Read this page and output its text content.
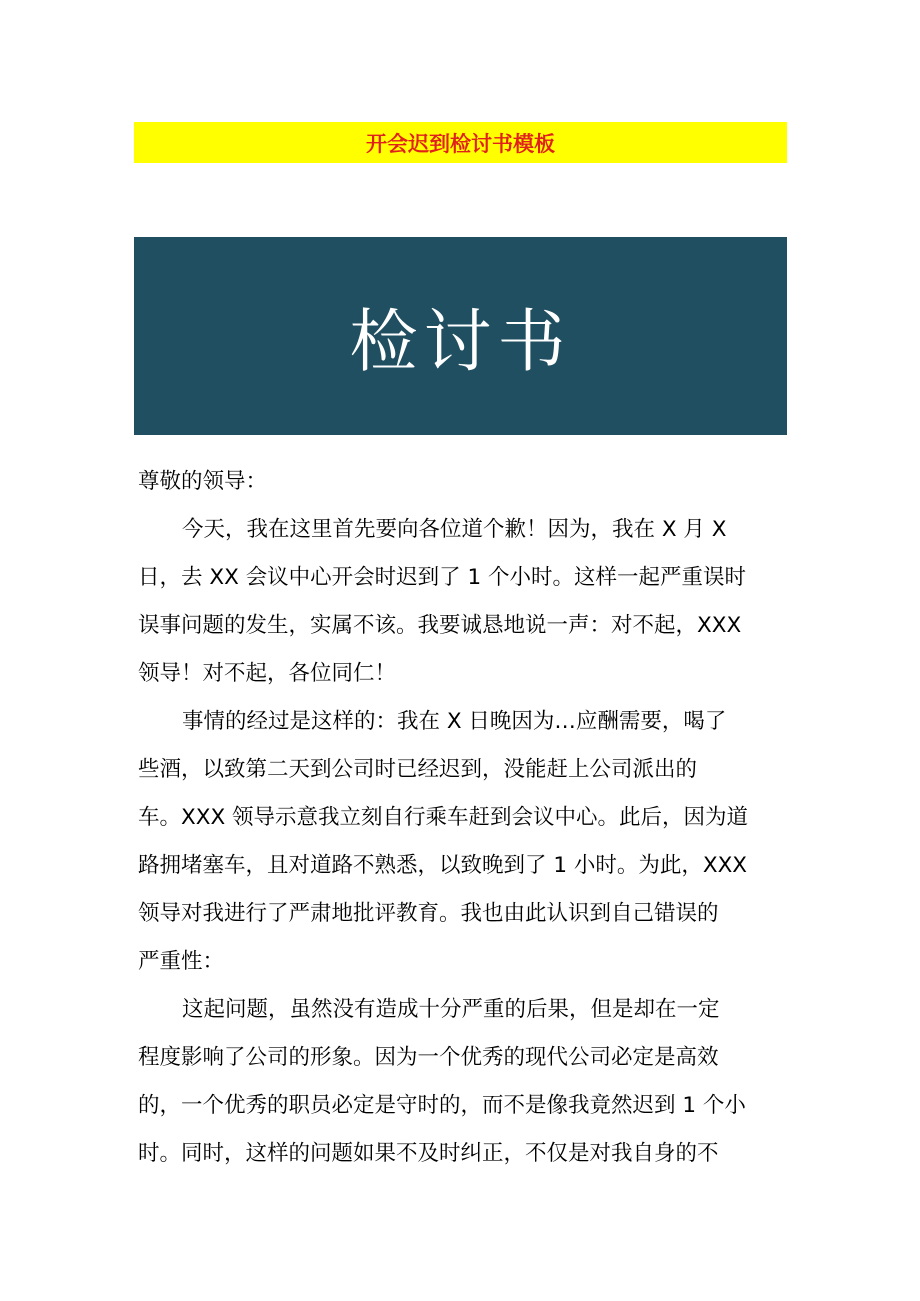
开会迟到检讨书模板
检讨书

尊敬的领导：

今天，我在这里首先要向各位道个歉！因为，我在 X 月 X
日，去 XX 会议中心开会时迟到了 1 个小时。这样一起严重误时
误事问题的发生，实属不该。我要诚恳地说一声：对不起，XXX
领导！对不起，各位同仁！

事情的经过是这样的：我在 X 日晚因为…应酬需要，喝了
些酒，以致第二天到公司时已经迟到，没能赶上公司派出的
车。XXX 领导示意我立刻自行乘车赶到会议中心。此后，因为道
路拥堵塞车，且对道路不熟悉，以致晚到了 1 小时。为此，XXX
领导对我进行了严肃地批评教育。我也由此认识到自己错误的
严重性：

这起问题，虽然没有造成十分严重的后果，但是却在一定
程度影响了公司的形象。因为一个优秀的现代公司必定是高效
的，一个优秀的职员必定是守时的，而不是像我竟然迟到 1 个小
时。同时，这样的问题如果不及时纠正，不仅是对我自身的不
